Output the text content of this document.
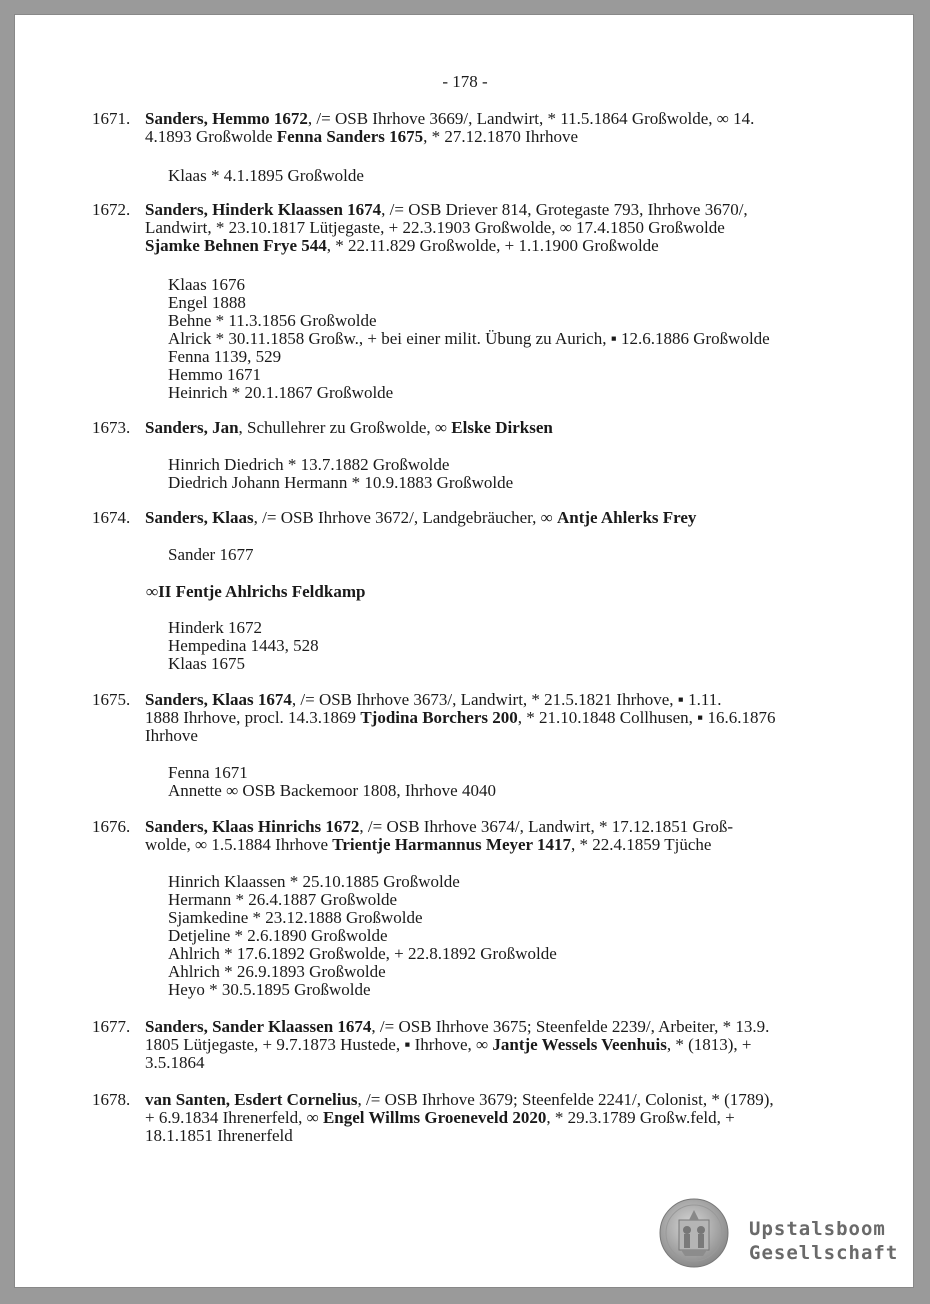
- 178 -
1671. Sanders, Hemmo 1672, /= OSB Ihrhove 3669/, Landwirt, * 11.5.1864 Großwolde, ∞ 14.
4.1893 Großwolde Fenna Sanders 1675, * 27.12.1870 Ihrhove
Klaas * 4.1.1895 Großwolde
1672. Sanders, Hinderk Klaassen 1674, /= OSB Driever 814, Grotegaste 793, Ihrhove 3670/,
Landwirt, * 23.10.1817 Lütjegaste, + 22.3.1903 Großwolde, ∞ 17.4.1850 Großwolde
Sjamke Behnen Frye 544, * 22.11.829 Großwolde, + 1.1.1900 Großwolde
Klaas 1676
Engel 1888
Behne * 11.3.1856 Großwolde
Alrick * 30.11.1858 Großw., + bei einer milit. Übung zu Aurich, ▪ 12.6.1886 Großwolde
Fenna 1139, 529
Hemmo 1671
Heinrich * 20.1.1867 Großwolde
1673. Sanders, Jan, Schullehrer zu Großwolde, ∞ Elske Dirksen
Hinrich Diedrich * 13.7.1882 Großwolde
Diedrich Johann Hermann * 10.9.1883 Großwolde
1674. Sanders, Klaas, /= OSB Ihrhove 3672/, Landgebräucher, ∞ Antje Ahlerks Frey
Sander 1677
∞II Fentje Ahlrichs Feldkamp
Hinderk 1672
Hempedina 1443, 528
Klaas 1675
1675. Sanders, Klaas 1674, /= OSB Ihrhove 3673/, Landwirt, * 21.5.1821 Ihrhove, ▪ 1.11.
1888 Ihrhove, procl. 14.3.1869 Tjodina Borchers 200, * 21.10.1848 Collhusen, ▪ 16.6.1876
Ihrhove
Fenna 1671
Annette ∞ OSB Backemoor 1808, Ihrhove 4040
1676. Sanders, Klaas Hinrichs 1672, /= OSB Ihrhove 3674/, Landwirt, * 17.12.1851 Groß-
wolde, ∞ 1.5.1884 Ihrhove Trientje Harmannus Meyer 1417, * 22.4.1859 Tjüche
Hinrich Klaassen * 25.10.1885 Großwolde
Hermann * 26.4.1887 Großwolde
Sjamkedine * 23.12.1888 Großwolde
Detjeline * 2.6.1890 Großwolde
Ahlrich * 17.6.1892 Großwolde, + 22.8.1892 Großwolde
Ahlrich * 26.9.1893 Großwolde
Heyo * 30.5.1895 Großwolde
1677. Sanders, Sander Klaassen 1674, /= OSB Ihrhove 3675; Steenfelde 2239/, Arbeiter, * 13.9.
1805 Lütjegaste, + 9.7.1873 Hustede, ▪ Ihrhove, ∞ Jantje Wessels Veenhuis, * (1813), +
3.5.1864
1678. van Santen, Esdert Cornelius, /= OSB Ihrhove 3679; Steenfelde 2241/, Colonist, * (1789),
+ 6.9.1834 Ihrenerfeld, ∞ Engel Willms Groeneveld 2020, * 29.3.1789 Großw.feld, +
18.1.1851 Ihrenerfeld
Upstalsboom
Gesellschaft
